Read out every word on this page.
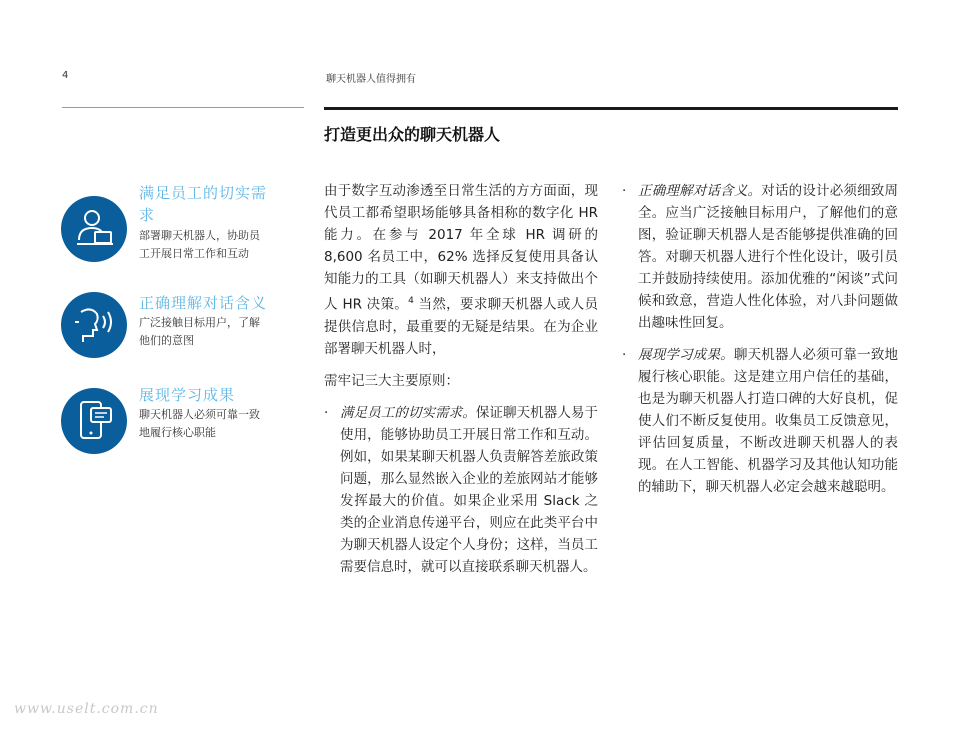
4	聊天机器人值得拥有
打造更出众的聊天机器人
满足员工的切实需求
部署聊天机器人，协助员工开展日常工作和互动
正确理解对话含义
广泛接触目标用户，了解他们的意图
展现学习成果
聊天机器人必须可靠一致地履行核心职能
由于数字互动渗透至日常生活的方方面面，现代员工都希望职场能够具备相称的数字化 HR 能力。在参与 2017 年全球 HR 调研的 8,600 名员工中，62% 选择反复使用具备认知能力的工具（如聊天机器人）来支持做出个人 HR 决策。$^4$ 当然，要求聊天机器人或人员提供信息时，最重要的无疑是结果。在为企业部署聊天机器人时，
需牢记三大主要原则：
· 满足员工的切实需求。保证聊天机器人易于使用，能够协助员工开展日常工作和互动。例如，如果某聊天机器人负责解答差旅政策问题，那么显然嵌入企业的差旅网站才能够发挥最大的价值。如果企业采用 Slack 之类的企业消息传递平台，则应在此类平台中为聊天机器人设定个人身份；这样，当员工需要信息时，就可以直接联系聊天机器人。
· 正确理解对话含义。对话的设计必须细致周全。应当广泛接触目标用户，了解他们的意图，验证聊天机器人是否能够提供准确的回答。对聊天机器人进行个性化设计，吸引员工并鼓励持续使用。添加优雅的“闲谈”式问候和致意，营造人性化体验，对八卦问题做出趣味性回复。
· 展现学习成果。聊天机器人必须可靠一致地履行核心职能。这是建立用户信任的基础，也是为聊天机器人打造口碑的大好良机，促使人们不断反复使用。收集员工反馈意见，评估回复质量，不断改进聊天机器人的表现。在人工智能、机器学习及其他认知功能的辅助下，聊天机器人必定会越来越聪明。
www.uselt.com.cn
